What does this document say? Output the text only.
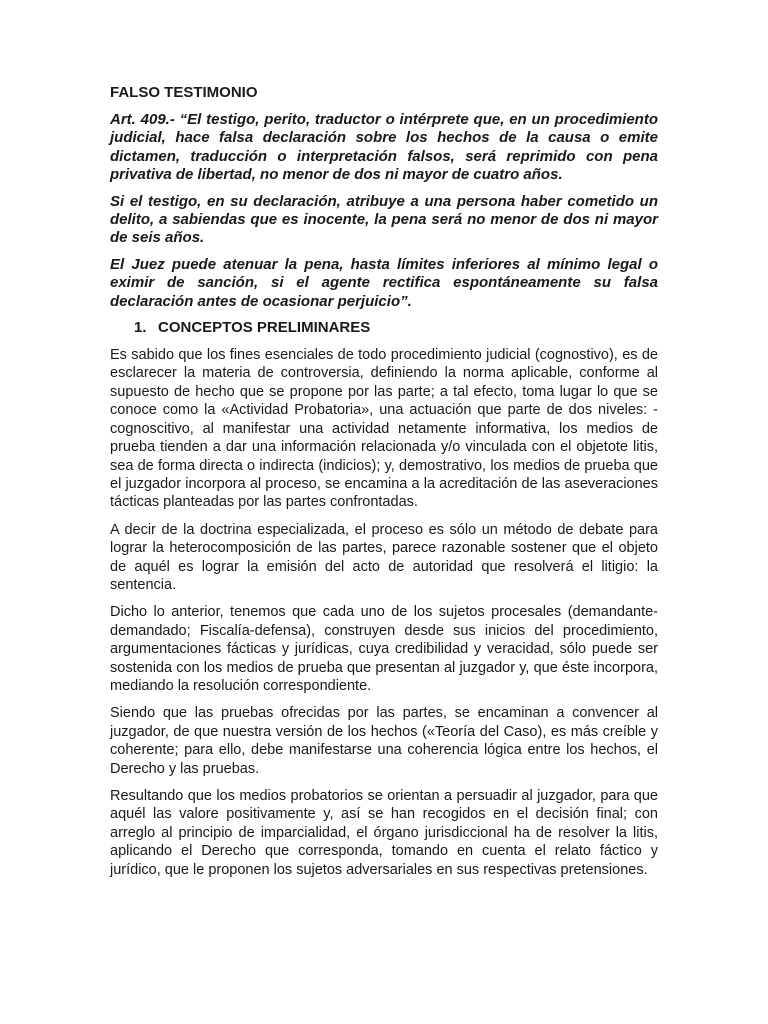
FALSO TESTIMONIO

Art. 409.- “El testigo, perito, traductor o intérprete que, en un procedimiento judicial, hace falsa declaración sobre los hechos de la causa o emite dictamen, traducción o interpretación falsos, será reprimido con pena privativa de libertad, no menor de dos ni mayor de cuatro años.

Si el testigo, en su declaración, atribuye a una persona haber cometido un delito, a sabiendas que es inocente, la pena será no menor de dos ni mayor de seis años.

El Juez puede atenuar la pena, hasta límites inferiores al mínimo legal o eximir de sanción, si el agente rectifica espontáneamente su falsa declaración antes de ocasionar perjuicio”.

1. CONCEPTOS PRELIMINARES

Es sabido que los fines esenciales de todo procedimiento judicial (cognostivo), es de esclarecer la materia de controversia, definiendo la norma aplicable, conforme al supuesto de hecho que se propone por las parte; a tal efecto, toma lugar lo que se conoce como la «Actividad Probatoria», una actuación que parte de dos niveles: -cognoscitivo, al manifestar una actividad netamente informativa, los medios de prueba tienden a dar una información relacionada y/o vinculada con el objetote litis, sea de forma directa o indirecta (indicios); y, demostrativo, los medios de prueba que el juzgador incorpora al proceso, se encamina a la acreditación de las aseveraciones tácticas planteadas por las partes confrontadas.

A decir de la doctrina especializada, el proceso es sólo un método de debate para lograr la heterocomposición de las partes, parece razonable sostener que el objeto de aquél es lograr la emisión del acto de autoridad que resolverá el litigio: la sentencia.

Dicho lo anterior, tenemos que cada uno de los sujetos procesales (demandante-demandado; Fiscalía-defensa), construyen desde sus inicios del procedimiento, argumentaciones fácticas y jurídicas, cuya credibilidad y veracidad, sólo puede ser sostenida con los medios de prueba que presentan al juzgador y, que éste incorpora, mediando la resolución correspondiente.

Siendo que las pruebas ofrecidas por las partes, se encaminan a convencer al juzgador, de que nuestra versión de los hechos («Teoría del Caso), es más creíble y coherente; para ello, debe manifestarse una coherencia lógica entre los hechos, el Derecho y las pruebas.

Resultando que los medios probatorios se orientan a persuadir al juzgador, para que aquél las valore positivamente y, así se han recogidos en el decisión final; con arreglo al principio de imparcialidad, el órgano jurisdiccional ha de resolver la litis, aplicando el Derecho que corresponda, tomando en cuenta el relato fáctico y jurídico, que le proponen los sujetos adversariales en sus respectivas pretensiones.
